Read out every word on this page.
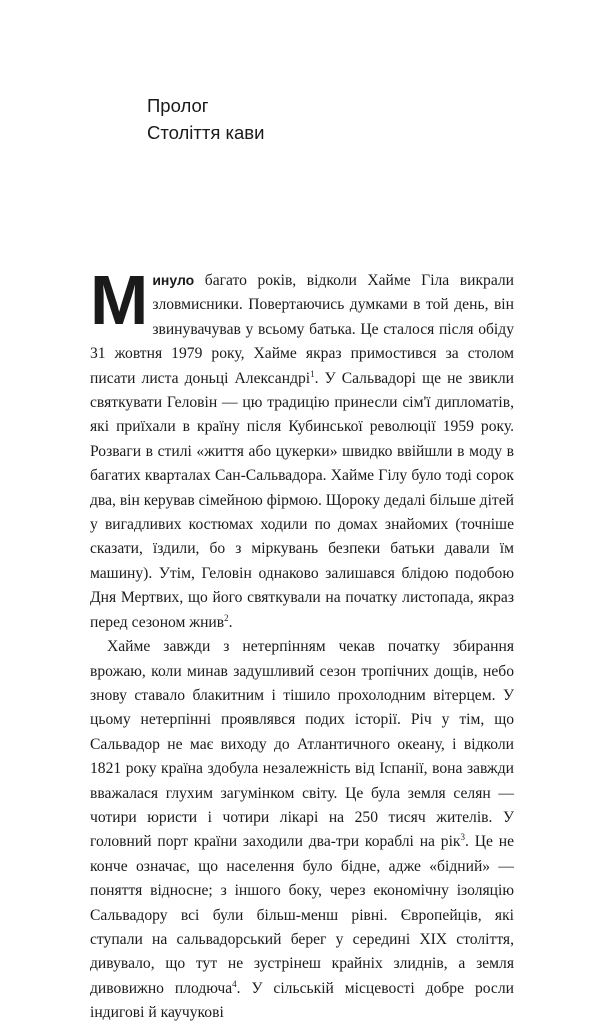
Пролог
Століття кави

Минуло багато років, відколи Хайме Гіла викрали зловмисники. Повертаючись думками в той день, він звинувачував у всьому батька. Це сталося після обіду 31 жовтня 1979 року, Хайме якраз примостився за столом писати листа доньці Александрі$^1$. У Сальвадорі ще не звикли святкувати Геловін — цю традицію принесли сім'ї дипломатів, які приїхали в країну після Кубинської революції 1959 року. Розваги в стилі «життя або цукерки» швидко ввійшли в моду в багатих кварталах Сан-Сальвадора. Хайме Гілу було тоді сорок два, він керував сімейною фірмою. Щороку дедалі більше дітей у вигадливих костюмах ходили по домах знайомих (точніше сказати, їздили, бо з міркувань безпеки батьки давали їм машину). Утім, Геловін однаково залишався блідою подобою Дня Мертвих, що його святкували на початку листопада, якраз перед сезоном жнив$^2$.

Хайме завжди з нетерпінням чекав початку збирання врожаю, коли минав задушливий сезон тропічних дощів, небо знову ставало блакитним і тішило прохолодним вітерцем. У цьому нетерпінні проявлявся подих історії. Річ у тім, що Сальвадор не має виходу до Атлантичного океану, і відколи 1821 року країна здобула незалежність від Іспанії, вона завжди вважалася глухим загумінком світу. Це була земля селян — чотири юристи і чотири лікарі на 250 тисяч жителів. У головний порт країни заходили два-три кораблі на рік$^3$. Це не конче означає, що населення було бідне, адже «бідний» — поняття відносне; з іншого боку, через економічну ізоляцію Сальвадору всі були більш-менш рівні. Європейців, які ступали на сальвадорський берег у середині XIX століття, дивувало, що тут не зустрінеш крайніх злиднів, а земля дивовижно плодюча$^4$. У сільській місцевості добре росли індигові й каучукові
